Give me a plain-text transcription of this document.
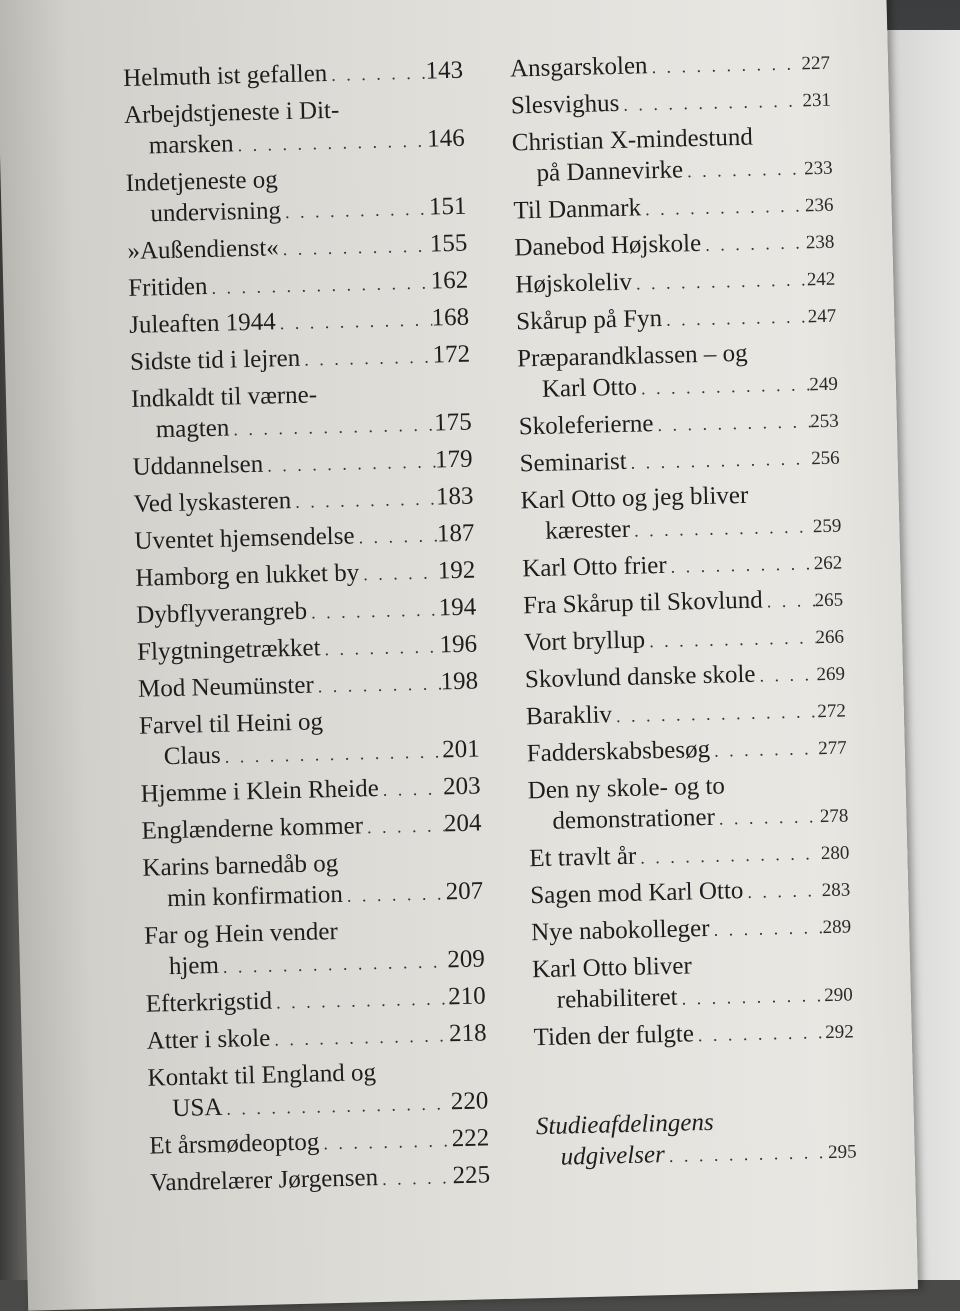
Helmuth ist gefallen . . .	143
Arbejdstjeneste i Dit-
marsken . . .	146
Indetjeneste og
undervisning . . .	151
»Außendienst« . . .	155
Fritiden . . .	162
Juleaften 1944 . . .	168
Sidste tid i lejren . . .	172
Indkaldt til værne-
magten . . .	175
Uddannelsen . . .	179
Ved lyskasteren . . .	183
Uventet hjemsendelse . . .	187
Hamborg en lukket by . . .	192
Dybflyverangreb . . .	194
Flygtningetrækket . . .	196
Mod Neumünster . . .	198
Farvel til Heini og
Claus . . .	201
Hjemme i Klein Rheide . . .	203
Englænderne kommer . . .	204
Karins barnedåb og
min konfirmation . . .	207
Far og Hein vender
hjem . . .	209
Efterkrigstid . . .	210
Atter i skole . . .	218
Kontakt til England og
USA . . .	220
Et årsmødeoptog . . .	222
Vandrelærer Jørgensen . . .	225
Ansgarskolen . . .	227
Slesvighus . . .	231
Christian X-mindestund
på Dannevirke . . .	233
Til Danmark . . .	236
Danebod Højskole . . .	238
Højskoleliv . . .	242
Skårup på Fyn . . .	247
Præparandklassen – og
Karl Otto . . .	249
Skoleferierne . . .	253
Seminarist . . .	256
Karl Otto og jeg bliver
kærester . . .	259
Karl Otto frier . . .	262
Fra Skårup til Skovlund . . .	265
Vort bryllup . . .	266
Skovlund danske skole . . .	269
Barakliv . . .	272
Fadderskabsbesøg . . .	277
Den ny skole- og to
demonstrationer . . .	278
Et travlt år . . .	280
Sagen mod Karl Otto . . .	283
Nye nabokolleger . . .	289
Karl Otto bliver
rehabiliteret . . .	290
Tiden der fulgte . . .	292
Studieafdelingens
udgivelser . . .	295
